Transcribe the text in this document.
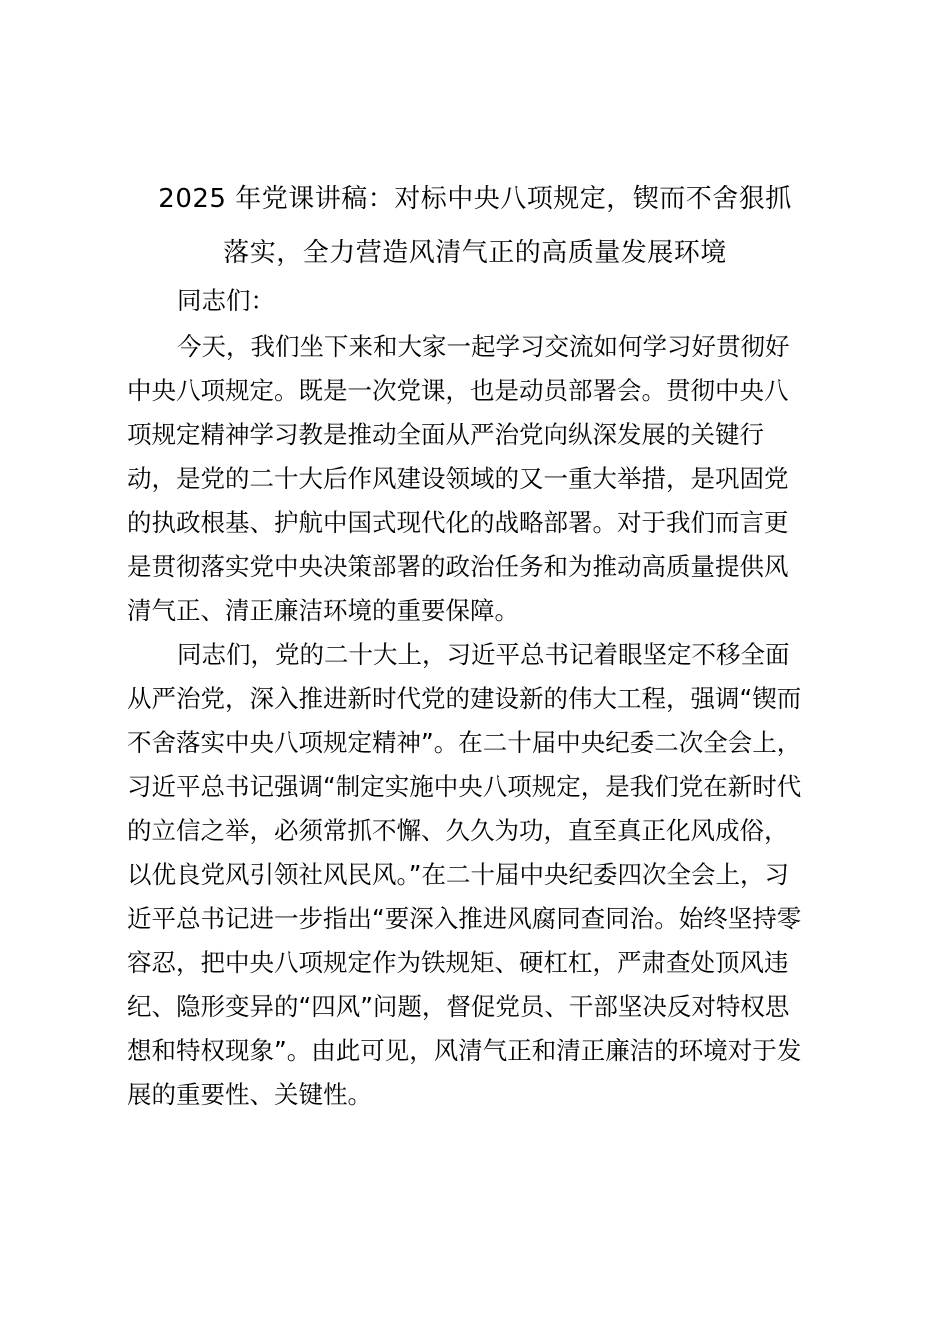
2025 年党课讲稿：对标中央八项规定，锲而不舍狠抓
落实，全力营造风清气正的高质量发展环境
同志们：
今天，我们坐下来和大家一起学习交流如何学习好贯彻好
中央八项规定。既是一次党课，也是动员部署会。贯彻中央八
项规定精神学习教是推动全面从严治党向纵深发展的关键行
动，是党的二十大后作风建设领域的又一重大举措，是巩固党
的执政根基、护航中国式现代化的战略部署。对于我们而言更
是贯彻落实党中央决策部署的政治任务和为推动高质量提供风
清气正、清正廉洁环境的重要保障。
同志们，党的二十大上，习近平总书记着眼坚定不移全面
从严治党，深入推进新时代党的建设新的伟大工程，强调“锲而
不舍落实中央八项规定精神”。在二十届中央纪委二次全会上，
习近平总书记强调“制定实施中央八项规定，是我们党在新时代
的立信之举，必须常抓不懈、久久为功，直至真正化风成俗，
以优良党风引领社风民风。”在二十届中央纪委四次全会上，习
近平总书记进一步指出“要深入推进风腐同查同治。始终坚持零
容忍，把中央八项规定作为铁规矩、硬杠杠，严肃查处顶风违
纪、隐形变异的“四风”问题，督促党员、干部坚决反对特权思
想和特权现象”。由此可见，风清气正和清正廉洁的环境对于发
展的重要性、关键性。
